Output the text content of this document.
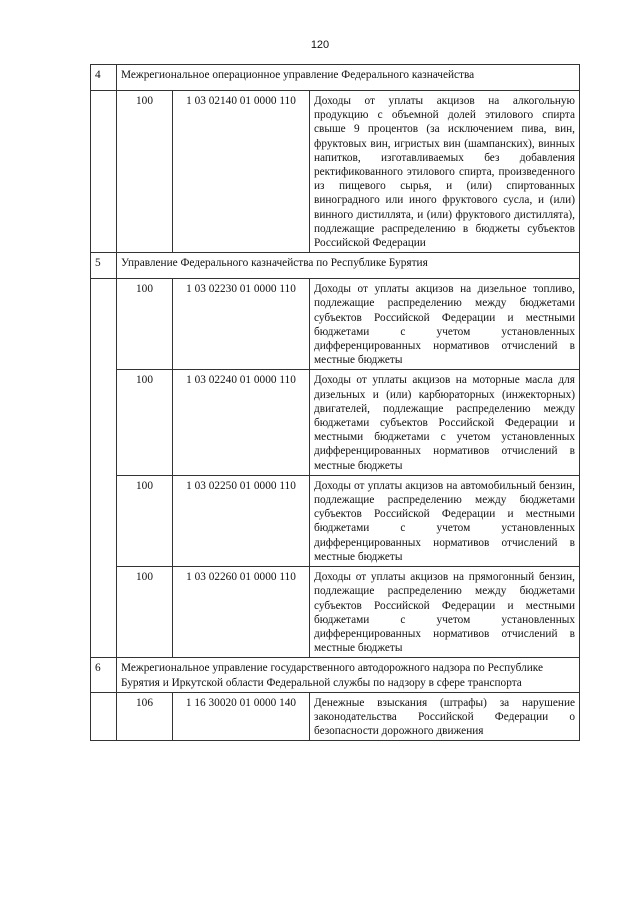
120
4	Межрегиональное операционное управление Федерального казначейства		
	100	1 03 02140 01 0000 110	Доходы от уплаты акцизов на алкогольную продукцию с объемной долей этилового спирта свыше 9 процентов (за исключением пива, вин, фруктовых вин, игристых вин (шампанских), винных напитков, изготавливаемых без добавления ректификованного этилового спирта, произведенного из пищевого сырья, и (или) спиртованных виноградного или иного фруктового сусла, и (или) винного дистиллята, и (или) фруктового дистиллята), подлежащие распределению в бюджеты субъектов Российской Федерации
5	Управление Федерального казначейства по Республике Бурятия		
	100	1 03 02230 01 0000 110	Доходы от уплаты акцизов на дизельное топливо, подлежащие распределению между бюджетами субъектов Российской Федерации и местными бюджетами с учетом установленных дифференцированных нормативов отчислений в местные бюджеты
	100	1 03 02240 01 0000 110	Доходы от уплаты акцизов на моторные масла для дизельных и (или) карбюраторных (инжекторных) двигателей, подлежащие распределению между бюджетами субъектов Российской Федерации и местными бюджетами с учетом установленных дифференцированных нормативов отчислений в местные бюджеты
	100	1 03 02250 01 0000 110	Доходы от уплаты акцизов на автомобильный бензин, подлежащие распределению между бюджетами субъектов Российской Федерации и местными бюджетами с учетом установленных дифференцированных нормативов отчислений в местные бюджеты
	100	1 03 02260 01 0000 110	Доходы от уплаты акцизов на прямогонный бензин, подлежащие распределению между бюджетами субъектов Российской Федерации и местными бюджетами с учетом установленных дифференцированных нормативов отчислений в местные бюджеты
6	Межрегиональное управление государственного автодорожного надзора по Республике Бурятия и Иркутской области Федеральной службы по надзору в сфере транспорта		
	106	1 16 30020 01 0000 140	Денежные взыскания (штрафы) за нарушение законодательства Российской Федерации о безопасности дорожного движения
